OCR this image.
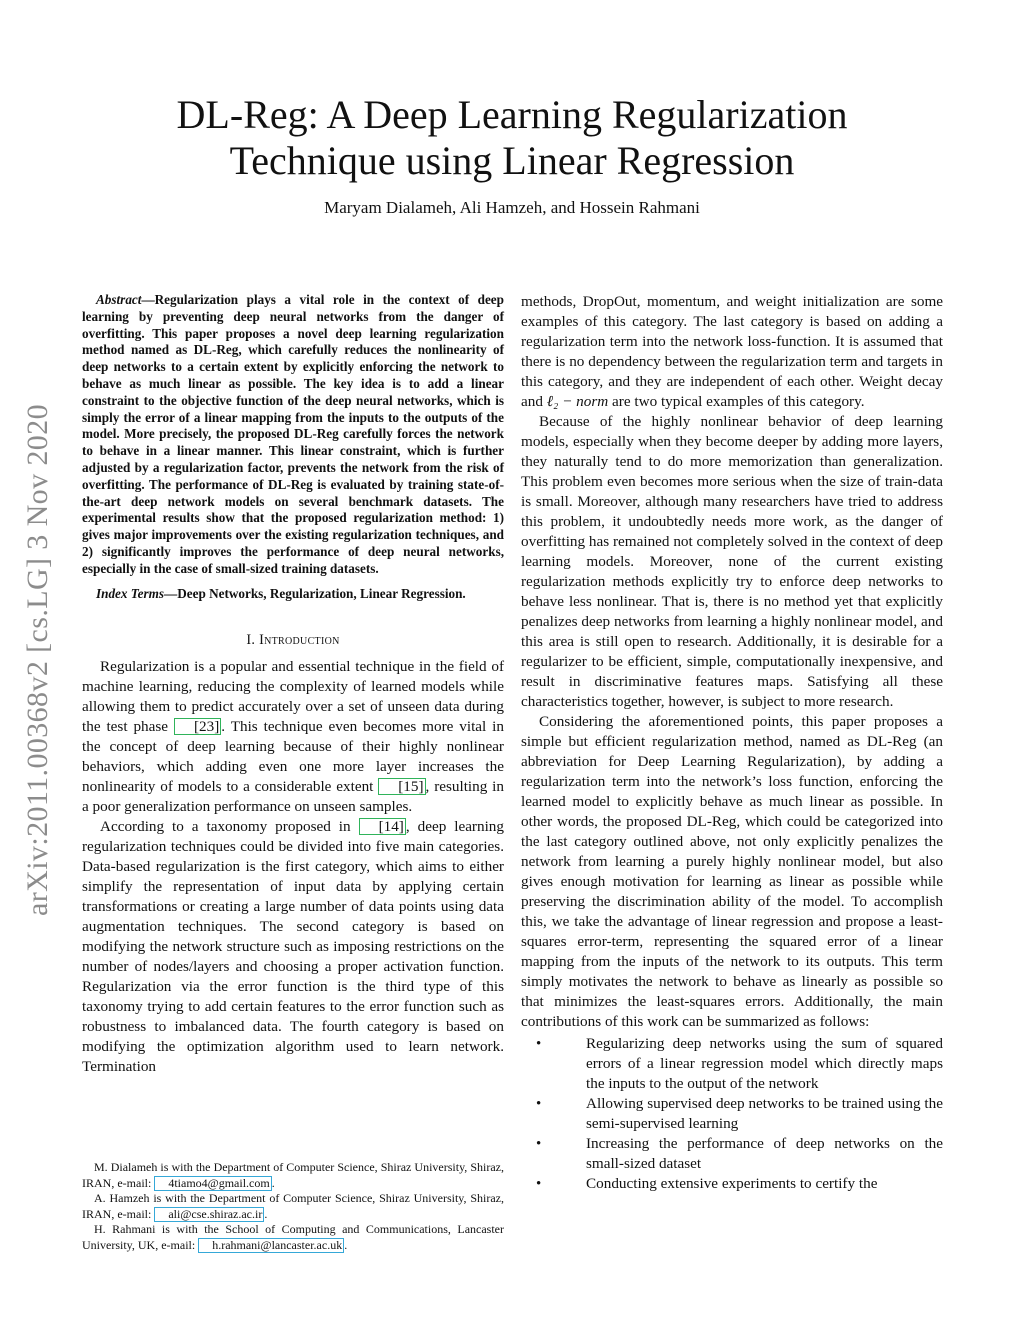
arXiv:2011.00368v2 [cs.LG] 3 Nov 2020
DL-Reg: A Deep Learning Regularization
Technique using Linear Regression
Maryam Dialameh, Ali Hamzeh, and Hossein Rahmani

Abstract—Regularization plays a vital role in the context of deep learning by preventing deep neural networks from the danger of overfitting. This paper proposes a novel deep learning regularization method named as DL-Reg, which carefully reduces the nonlinearity of deep networks to a certain extent by explicitly enforcing the network to behave as much linear as possible. The key idea is to add a linear constraint to the objective function of the deep neural networks, which is simply the error of a linear mapping from the inputs to the outputs of the model. More precisely, the proposed DL-Reg carefully forces the network to behave in a linear manner. This linear constraint, which is further adjusted by a regularization factor, prevents the network from the risk of overfitting. The performance of DL-Reg is evaluated by training state-of-the-art deep network models on several benchmark datasets. The experimental results show that the proposed regularization method: 1) gives major improvements over the existing regularization techniques, and 2) significantly improves the performance of deep neural networks, especially in the case of small-sized training datasets.

Index Terms—Deep Networks, Regularization, Linear Regression.

I. Introduction

Regularization is a popular and essential technique in the field of machine learning, reducing the complexity of learned models while allowing them to predict accurately over a set of unseen data during the test phase [23] . This technique even becomes more vital in the concept of deep learning because of their highly nonlinear behaviors, which adding even one more layer increases the nonlinearity of models to a considerable extent [15] , resulting in a poor generalization performance on unseen samples.

According to a taxonomy proposed in [14] , deep learning regularization techniques could be divided into five main categories. Data-based regularization is the first category, which aims to either simplify the representation of input data by applying certain transformations or creating a large number of data points using data augmentation techniques. The second category is based on modifying the network structure such as imposing restrictions on the number of nodes/layers and choosing a proper activation function. Regularization via the error function is the third type of this taxonomy trying to add certain features to the error function such as robustness to imbalanced data. The fourth category is based on modifying the optimization algorithm used to learn network. Termination

M. Dialameh is with the Department of Computer Science, Shiraz University, Shiraz, IRAN, e-mail: 4tiamo4@gmail.com .

A. Hamzeh is with the Department of Computer Science, Shiraz University, Shiraz, IRAN, e-mail: ali@cse.shiraz.ac.ir .

H. Rahmani is with the School of Computing and Communications, Lancaster University, UK, e-mail: h.rahmani@lancaster.ac.uk .

methods, DropOut, momentum, and weight initialization are some examples of this category. The last category is based on adding a regularization term into the network loss-function. It is assumed that there is no dependency between the regularization term and targets in this category, and they are independent of each other. Weight decay and ℓ₂ − norm are two typical examples of this category.

Because of the highly nonlinear behavior of deep learning models, especially when they become deeper by adding more layers, they naturally tend to do more memorization than generalization. This problem even becomes more serious when the size of train-data is small. Moreover, although many researchers have tried to address this problem, it undoubtedly needs more work, as the danger of overfitting has remained not completely solved in the context of deep learning models. Moreover, none of the current existing regularization methods explicitly try to enforce deep networks to behave less nonlinear. That is, there is no method yet that explicitly penalizes deep networks from learning a highly nonlinear model, and this area is still open to research. Additionally, it is desirable for a regularizer to be efficient, simple, computationally inexpensive, and result in discriminative features maps. Satisfying all these characteristics together, however, is subject to more research.

Considering the aforementioned points, this paper proposes a simple but efficient regularization method, named as DL-Reg (an abbreviation for Deep Learning Regularization), by adding a regularization term into the network’s loss function, enforcing the learned model to explicitly behave as much linear as possible. In other words, the proposed DL-Reg, which could be categorized into the last category outlined above, not only explicitly penalizes the network from learning a purely highly nonlinear model, but also gives enough motivation for learning as linear as possible while preserving the discrimination ability of the model. To accomplish this, we take the advantage of linear regression and propose a least-squares error-term, representing the squared error of a linear mapping from the inputs of the network to its outputs. This term simply motivates the network to behave as linearly as possible so that minimizes the least-squares errors. Additionally, the main contributions of this work can be summarized as follows:

•	Regularizing deep networks using the sum of squared errors of a linear regression model which directly maps the inputs to the output of the network
•	Allowing supervised deep networks to be trained using the semi-supervised learning
•	Increasing the performance of deep networks on the small-sized dataset
•	Conducting extensive experiments to certify the
